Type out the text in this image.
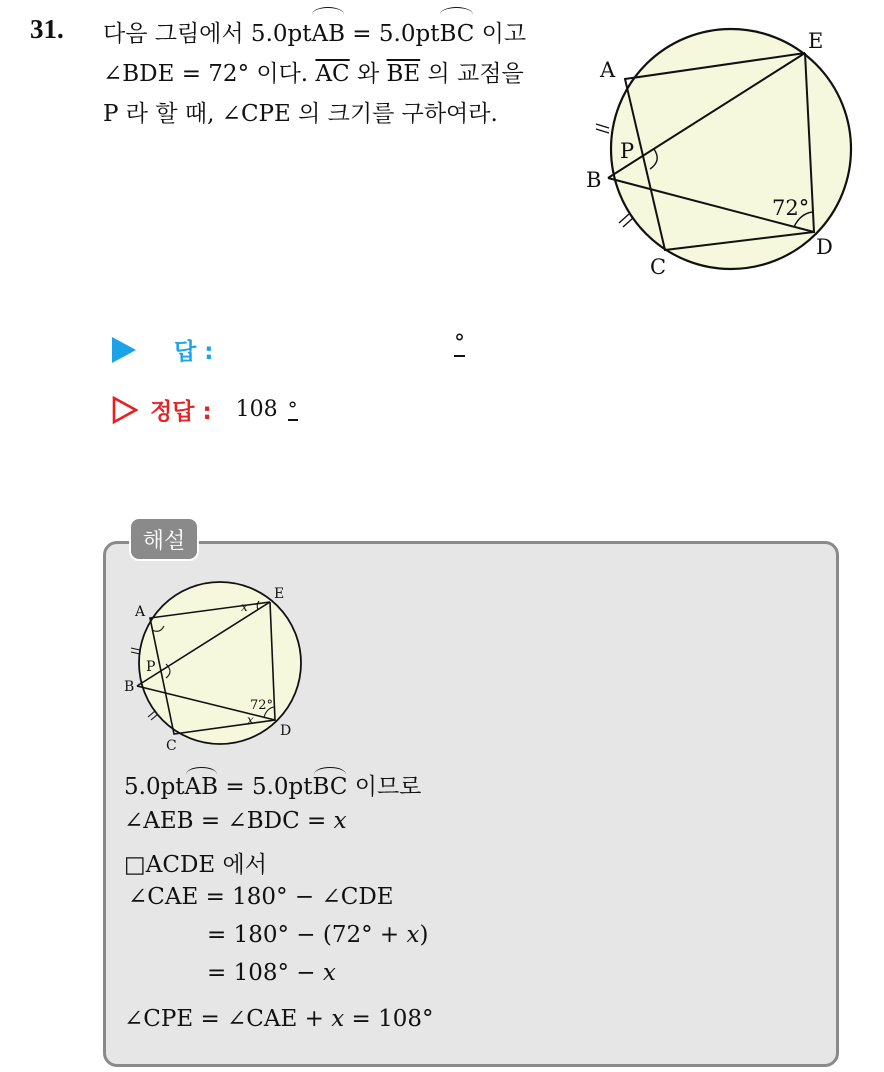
31. 다음 그림에서 5.0ptAB = 5.0ptBC 이고
∠BDE = 72° 이다. $\overline{AC}$ 와 $\overline{BE}$ 의 교점을
P 라 할 때, ∠CPE 의 크기를 구하여라.
A
E
P
B
C
D
72°
답 :	°
정답 : 108 °
해설
A
E
P
B
C
D
72°
x
x
5.0ptAB = 5.0ptBC 이므로
∠AEB = ∠BDC = x
□ACDE 에서
∠CAE = 180° − ∠CDE
= 180° − (72° + x)
= 108° − x
∠CPE = ∠CAE + x = 108°
